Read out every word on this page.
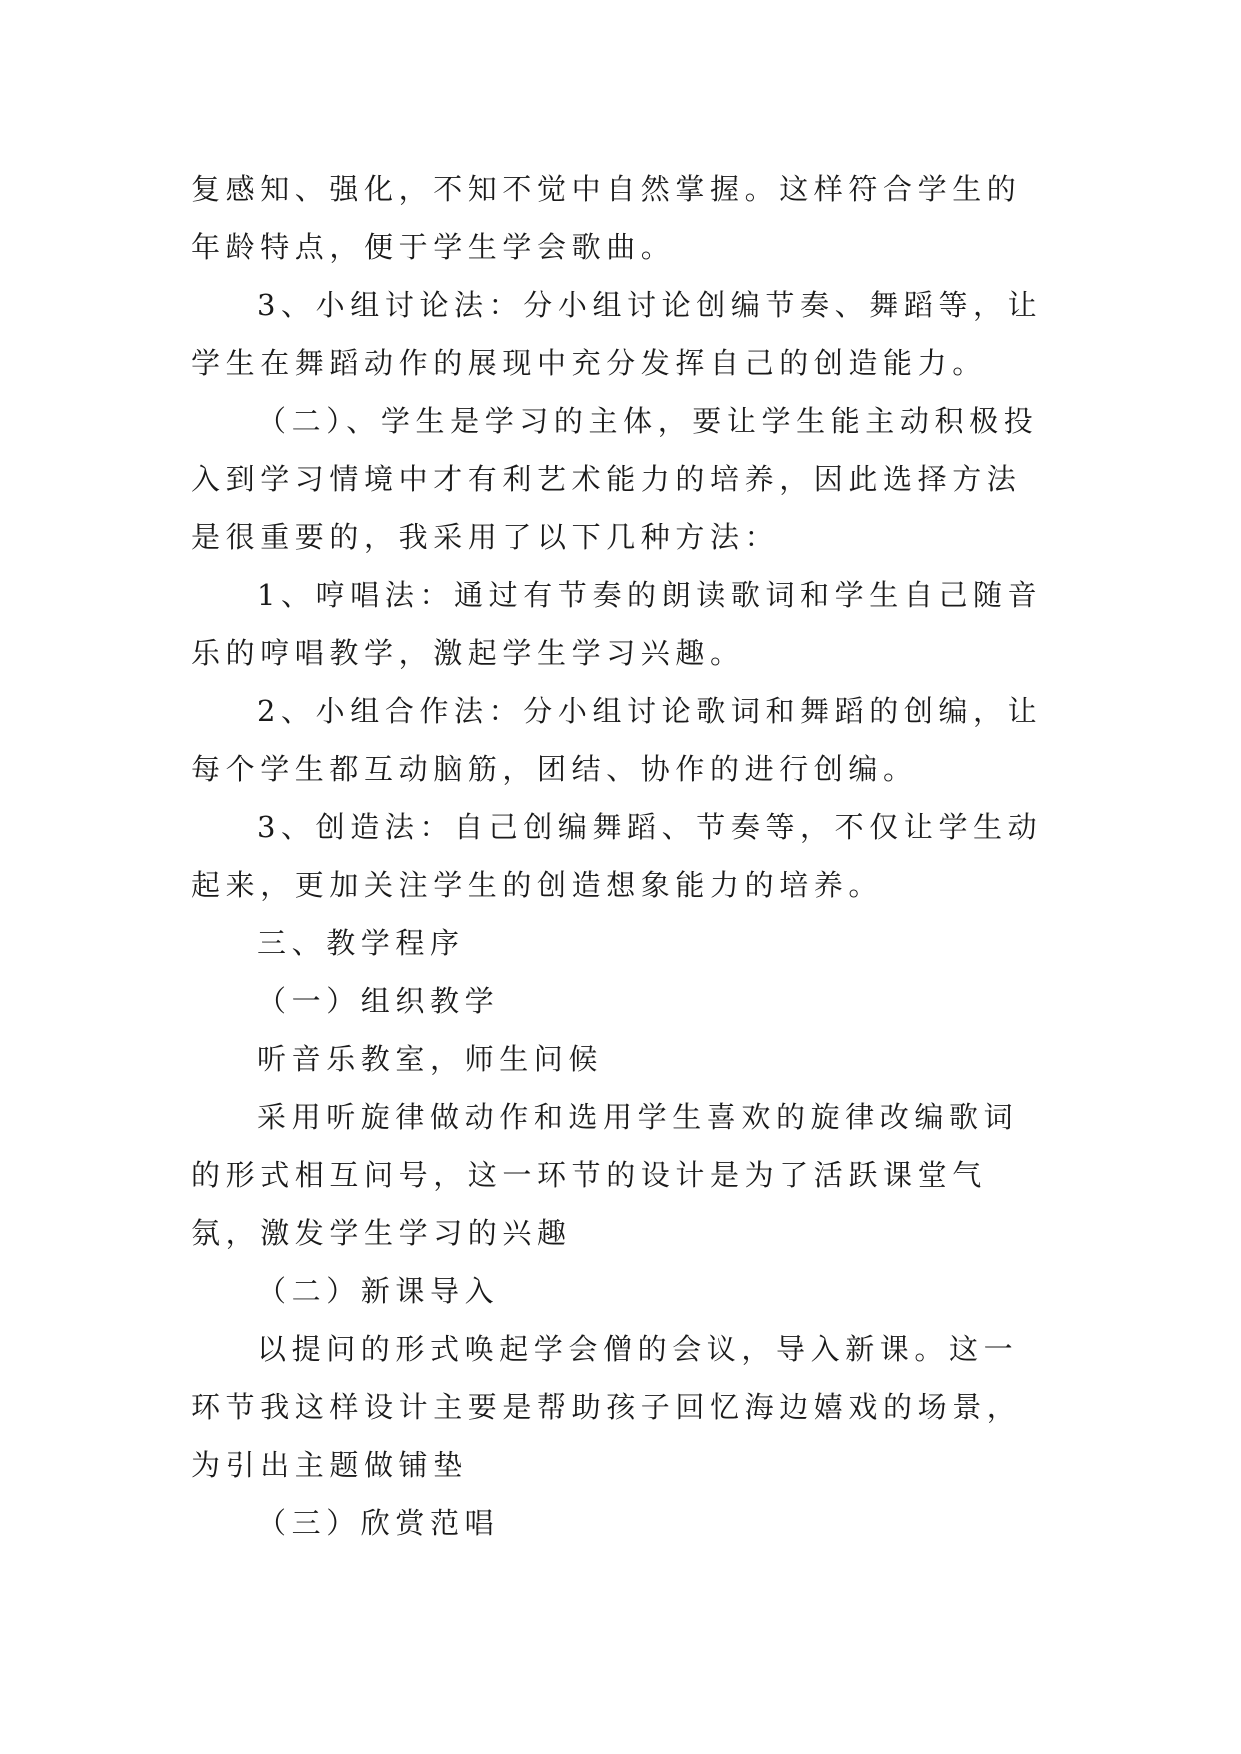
复感知、强化，不知不觉中自然掌握。这样符合学生的年龄特点，便于学生学会歌曲。

3、小组讨论法：分小组讨论创编节奏、舞蹈等，让学生在舞蹈动作的展现中充分发挥自己的创造能力。

（二）、学生是学习的主体，要让学生能主动积极投入到学习情境中才有利艺术能力的培养，因此选择方法是很重要的，我采用了以下几种方法：

1、哼唱法：通过有节奏的朗读歌词和学生自己随音乐的哼唱教学，激起学生学习兴趣。

2、小组合作法：分小组讨论歌词和舞蹈的创编，让每个学生都互动脑筋，团结、协作的进行创编。

3、创造法：自己创编舞蹈、节奏等，不仅让学生动起来，更加关注学生的创造想象能力的培养。

三、教学程序

（一）组织教学

听音乐教室，师生问候

采用听旋律做动作和选用学生喜欢的旋律改编歌词的形式相互问号，这一环节的设计是为了活跃课堂气氛，激发学生学习的兴趣

（二）新课导入

以提问的形式唤起学会僧的会议，导入新课。这一环节我这样设计主要是帮助孩子回忆海边嬉戏的场景，为引出主题做铺垫

（三）欣赏范唱
